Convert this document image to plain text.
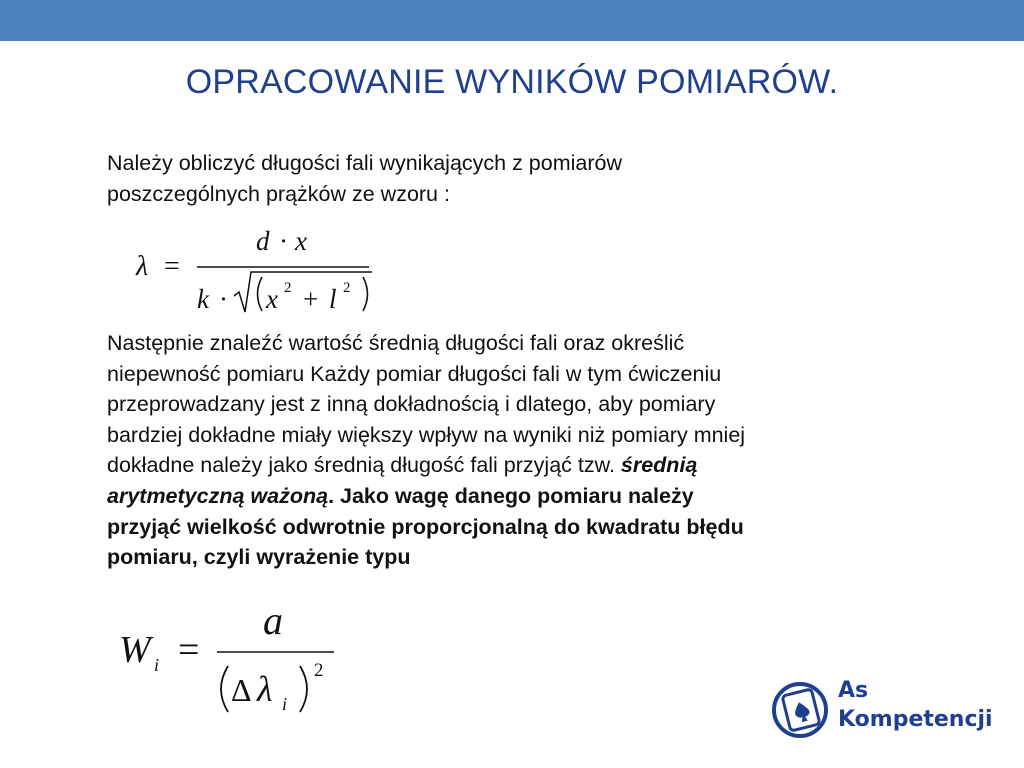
OPRACOWANIE WYNIKÓW POMIARÓW.
Należy obliczyć długości fali wynikających z pomiarów
poszczególnych prążków ze wzoru :
λ =
d · x
k · x 2 + l 2
Następnie znaleźć wartość średnią długości fali oraz określić
niepewność pomiaru Każdy pomiar długości fali w tym ćwiczeniu
przeprowadzany jest z inną dokładnością i dlatego, aby pomiary
bardziej dokładne miały większy wpływ na wyniki niż pomiary mniej
dokładne należy jako średnią długość fali przyjąć tzw. średnią
arytmetyczną ważoną. Jako wagę danego pomiaru należy
przyjąć wielkość odwrotnie proporcjonalną do kwadratu błędu
pomiaru, czyli wyrażenie typu
W i =
a
Δ λ i
2
As
Kompetencji
